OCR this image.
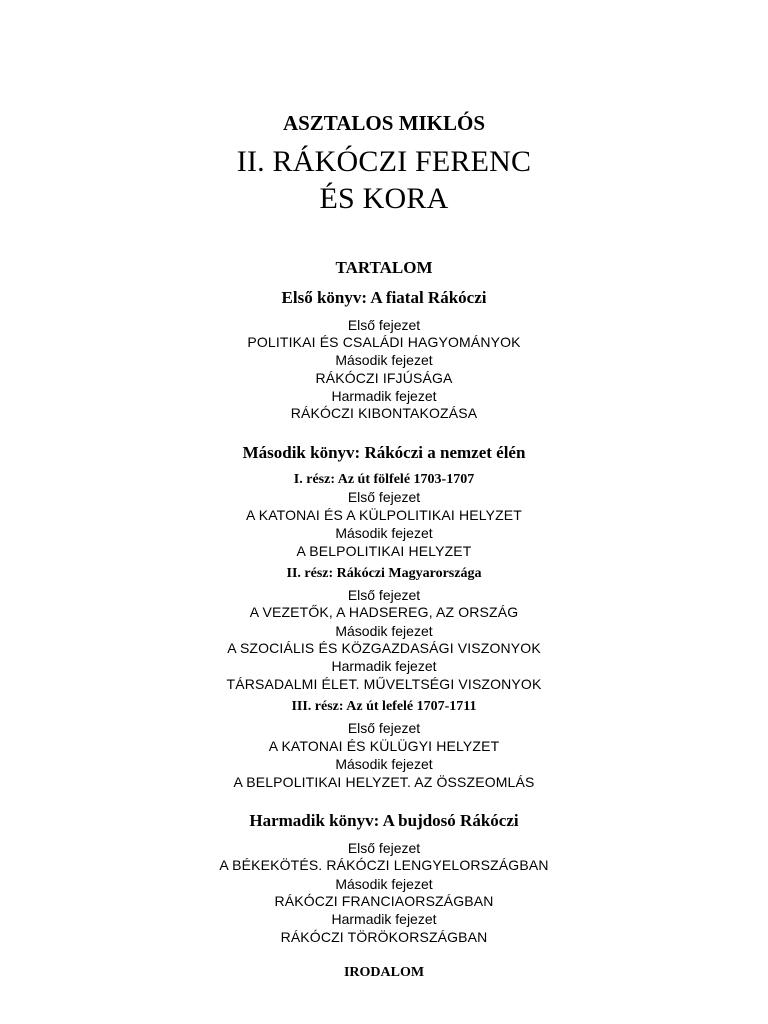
ASZTALOS MIKLÓS
II. RÁKÓCZI FERENC
ÉS KORA
TARTALOM
Első könyv: A fiatal Rákóczi
Első fejezet
POLITIKAI ÉS CSALÁDI HAGYOMÁNYOK
Második fejezet
RÁKÓCZI IFJÚSÁGA
Harmadik fejezet
RÁKÓCZI KIBONTAKOZÁSA
Második könyv: Rákóczi a nemzet élén
I. rész: Az út fölfelé 1703-1707
Első fejezet
A KATONAI ÉS A KÜLPOLITIKAI HELYZET
Második fejezet
A BELPOLITIKAI HELYZET
II. rész: Rákóczi Magyarországa
Első fejezet
A VEZETŐK, A HADSEREG, AZ ORSZÁG
Második fejezet
A SZOCIÁLIS ÉS KÖZGAZDASÁGI VISZONYOK
Harmadik fejezet
TÁRSADALMI ÉLET. MŰVELTSÉGI VISZONYOK
III. rész: Az út lefelé 1707-1711
Első fejezet
A KATONAI ÉS KÜLÜGYI HELYZET
Második fejezet
A BELPOLITIKAI HELYZET. AZ ÖSSZEOMLÁS
Harmadik könyv: A bujdosó Rákóczi
Első fejezet
A BÉKEKÖTÉS. RÁKÓCZI LENGYELORSZÁGBAN
Második fejezet
RÁKÓCZI FRANCIAORSZÁGBAN
Harmadik fejezet
RÁKÓCZI TÖRÖKORSZÁGBAN
IRODALOM
